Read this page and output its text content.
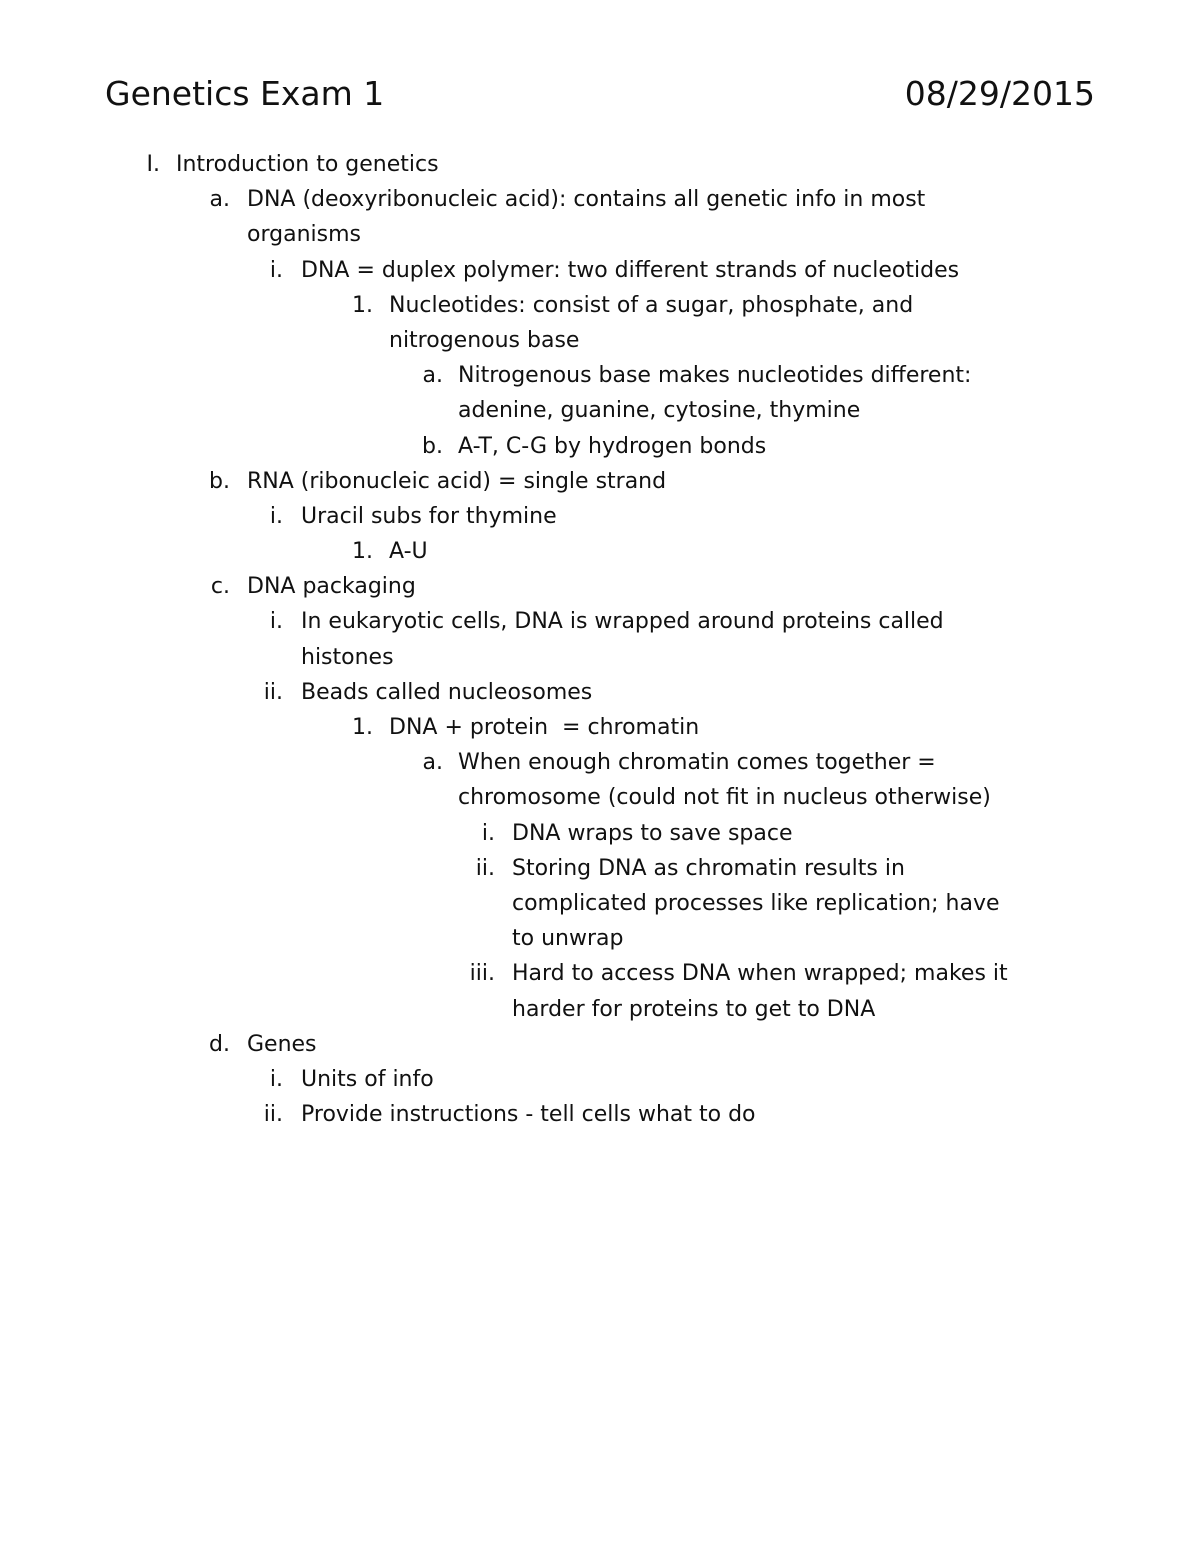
Genetics Exam 1	08/29/2015
I. Introduction to genetics
a. DNA (deoxyribonucleic acid): contains all genetic info in most
organisms
i. DNA = duplex polymer: two different strands of nucleotides
1. Nucleotides: consist of a sugar, phosphate, and
nitrogenous base
a. Nitrogenous base makes nucleotides different:
adenine, guanine, cytosine, thymine
b. A-T, C-G by hydrogen bonds
b. RNA (ribonucleic acid) = single strand
i. Uracil subs for thymine
1. A-U
c. DNA packaging
i. In eukaryotic cells, DNA is wrapped around proteins called
histones
ii. Beads called nucleosomes
1. DNA + protein  = chromatin
a. When enough chromatin comes together =
chromosome (could not fit in nucleus otherwise)
i. DNA wraps to save space
ii. Storing DNA as chromatin results in
complicated processes like replication; have
to unwrap
iii. Hard to access DNA when wrapped; makes it
harder for proteins to get to DNA
d. Genes
i. Units of info
ii. Provide instructions - tell cells what to do
